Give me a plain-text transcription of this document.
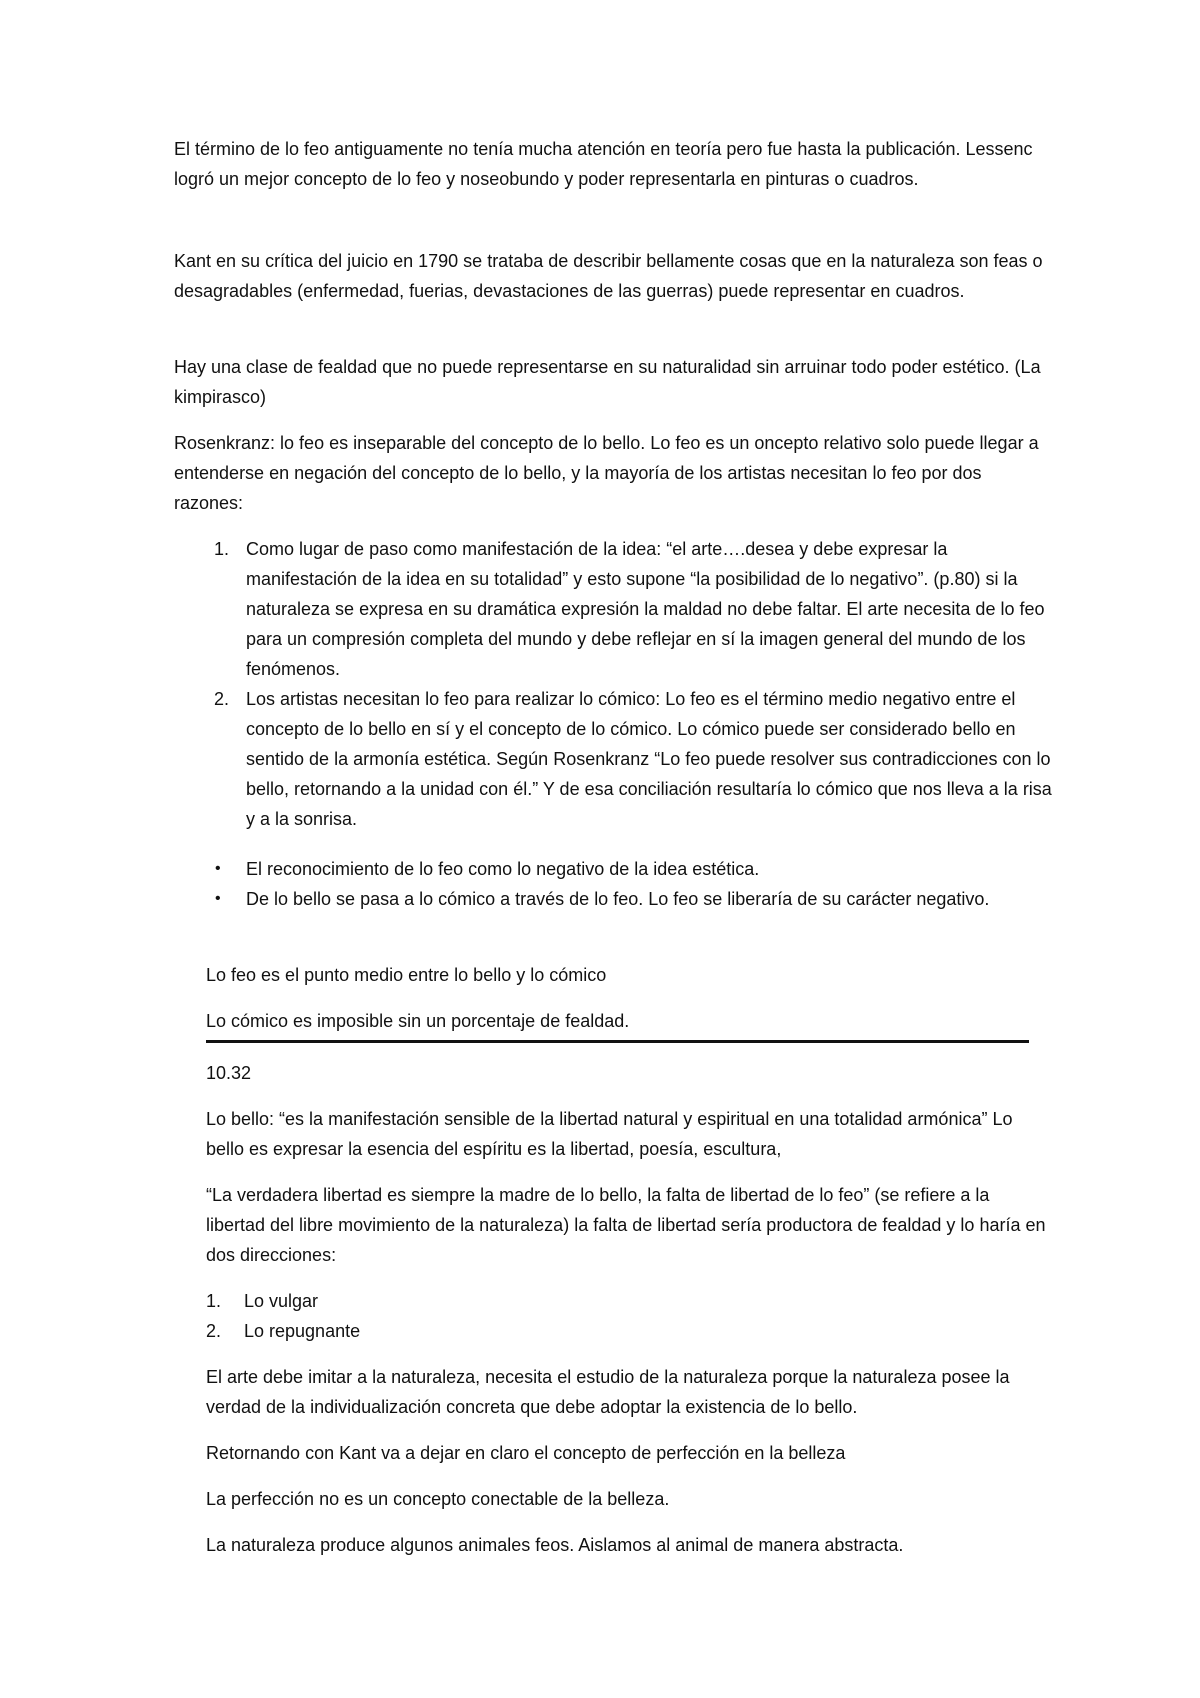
El término de lo feo antiguamente no tenía mucha atención en teoría pero fue hasta la publicación. Lessenc logró un mejor concepto de lo feo y noseobundo y poder representarla en pinturas o cuadros.

Kant en su crítica del juicio en 1790 se trataba de describir bellamente cosas que en la naturaleza son feas o desagradables (enfermedad, fuerias, devastaciones de las guerras) puede representar en cuadros.

Hay una clase de fealdad que no puede representarse en su naturalidad sin arruinar todo poder estético. (La kimpirasco)

Rosenkranz: lo feo es inseparable del concepto de lo bello. Lo feo es un oncepto relativo solo puede llegar a entenderse en negación del concepto de lo bello, y la mayoría de los artistas necesitan lo feo por dos razones:

1. Como lugar de paso como manifestación de la idea: “el arte….desea y debe expresar la manifestación de la idea en su totalidad” y esto supone “la posibilidad de lo negativo”. (p.80) si la naturaleza se expresa en su dramática expresión la maldad no debe faltar. El arte necesita de lo feo para un compresión completa del mundo y debe reflejar en sí la imagen general del mundo de los fenómenos.
2. Los artistas necesitan lo feo para realizar lo cómico: Lo feo es el término medio negativo entre el concepto de lo bello en sí y el concepto de lo cómico. Lo cómico puede ser considerado bello en sentido de la armonía estética. Según Rosenkranz “Lo feo puede resolver sus contradicciones con lo bello, retornando a la unidad con él.” Y de esa conciliación resultaría lo cómico que nos lleva a la risa y a la sonrisa.
• El reconocimiento de lo feo como lo negativo de la idea estética.
• De lo bello se pasa a lo cómico a través de lo feo. Lo feo se liberaría de su carácter negativo.

Lo feo es el punto medio entre lo bello y lo cómico

Lo cómico es imposible sin un porcentaje de fealdad.

10.32

Lo bello: “es la manifestación sensible de la libertad natural y espiritual en una totalidad armónica” Lo bello es expresar la esencia del espíritu es la libertad, poesía, escultura,

“La verdadera libertad es siempre la madre de lo bello, la falta de libertad de lo feo” (se refiere a la libertad del libre movimiento de la naturaleza) la falta de libertad sería productora de fealdad y lo haría en dos direcciones:

1. Lo vulgar
2. Lo repugnante

El arte debe imitar a la naturaleza, necesita el estudio de la naturaleza porque la naturaleza posee la verdad de la individualización concreta que debe adoptar la existencia de lo bello.

Retornando con Kant va a dejar en claro el concepto de perfección en la belleza

La perfección no es un concepto conectable de la belleza.

La naturaleza produce algunos animales feos. Aislamos al animal de manera abstracta.
